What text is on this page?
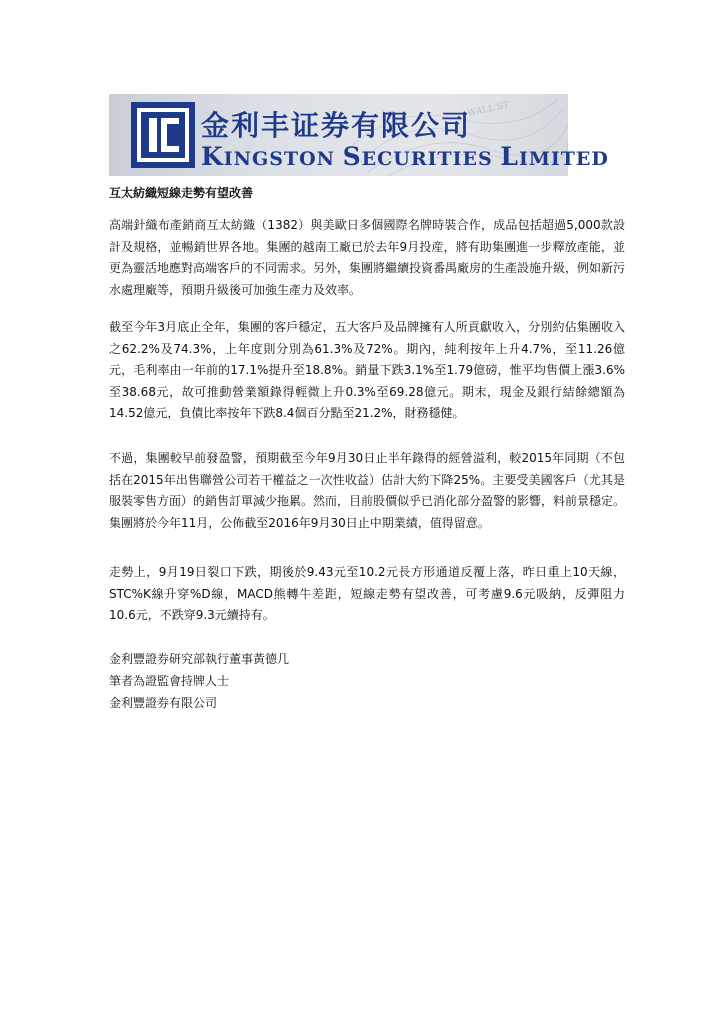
WALL ST
金利丰证券有限公司
KINGSTON SECURITIES LIMITED
互太紡織短線走勢有望改善
高端針織布產銷商互太紡織（1382）與美歐日多個國際名牌時裝合作，成品包括超過5,000款設計及規格，並暢銷世界各地。集團的越南工廠已於去年9月投産，將有助集團進一步釋放產能，並更為靈活地應對高端客戶的不同需求。另外，集團將繼續投資番禺廠房的生產設施升級，例如新污水處理廠等，預期升級後可加強生產力及效率。
截至今年3月底止全年，集團的客戶穩定，五大客戶及品牌擁有人所貢獻收入，分別約佔集團收入之62.2%及74.3%，上年度則分別為61.3%及72%。期內，純利按年上升4.7%，至11.26億元，毛利率由一年前的17.1%提升至18.8%。銷量下跌3.1%至1.79億磅，惟平均售價上漲3.6%至38.68元，故可推動營業額錄得輕微上升0.3%至69.28億元。期末，現金及銀行結餘總額為14.52億元，負債比率按年下跌8.4個百分點至21.2%，財務穩健。
不過，集團較早前發盈警，預期截至今年9月30日止半年錄得的經營溢利，較2015年同期（不包括在2015年出售聯營公司若干權益之一次性收益）估計大約下降25%。主要受美國客戶（尤其是服裝零售方面）的銷售訂單減少拖累。然而，目前股價似乎已消化部分盈警的影響，料前景穩定。集團將於今年11月，公佈截至2016年9月30日止中期業績，值得留意。
走勢上，9月19日裂口下跌，期後於9.43元至10.2元長方形通道反覆上落，昨日重上10天線，STC%K線升穿%D線，MACD熊轉牛差距，短線走勢有望改善，可考慮9.6元吸納，反彈阻力10.6元，不跌穿9.3元續持有。
金利豐證券研究部執行董事黃德几
筆者為證監會持牌人士
金利豐證券有限公司
